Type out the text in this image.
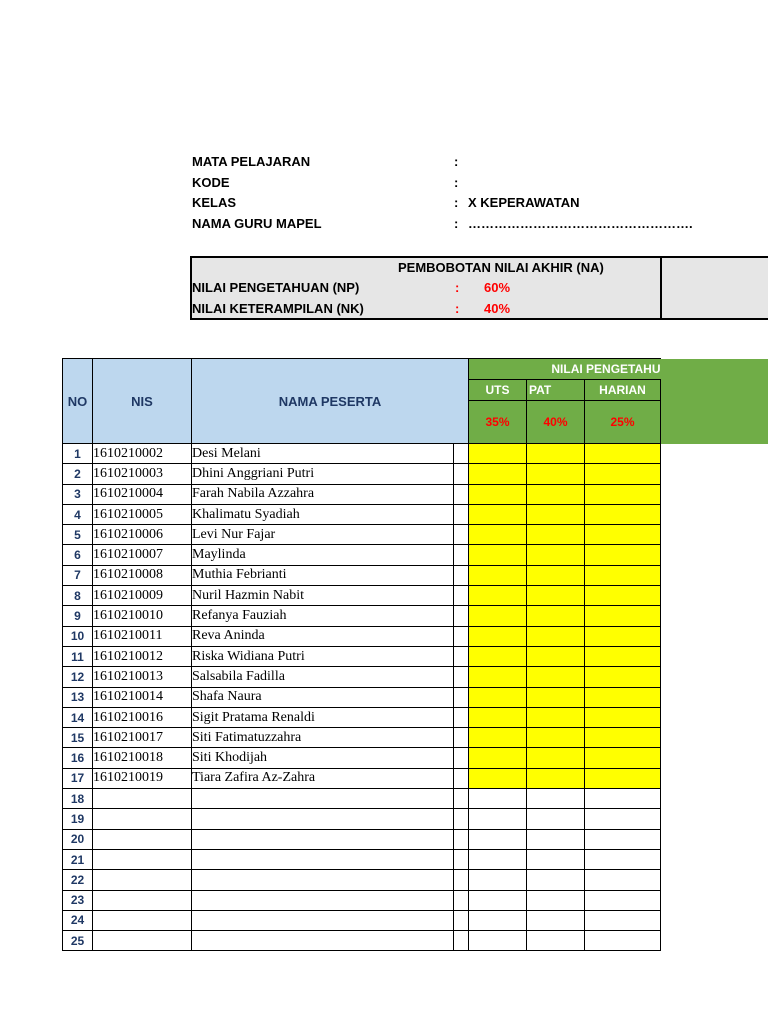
MATA PELAJARAN	:
KODE	:
KELAS	: X KEPERAWATAN
NAMA GURU MAPEL	: …………………………………………….
PEMBOBOTAN NILAI AKHIR (NA)
NILAI PENGETAHUAN (NP)	: 60%
NILAI KETERAMPILAN (NK)	: 40%
NO	NIS	NAMA PESERTA		NILAI PENGETAHU		
				UTS	PAT	HARIAN
				35%	40%	25%
1	1610210002	Desi Melani				
2	1610210003	Dhini Anggriani Putri				
3	1610210004	Farah Nabila Azzahra				
4	1610210005	Khalimatu Syadiah				
5	1610210006	Levi Nur Fajar				
6	1610210007	Maylinda				
7	1610210008	Muthia Febrianti				
8	1610210009	Nuril Hazmin Nabit				
9	1610210010	Refanya Fauziah				
10	1610210011	Reva Aninda				
11	1610210012	Riska Widiana Putri				
12	1610210013	Salsabila Fadilla				
13	1610210014	Shafa Naura				
14	1610210016	Sigit Pratama Renaldi				
15	1610210017	Siti Fatimatuzzahra				
16	1610210018	Siti Khodijah				
17	1610210019	Tiara Zafira Az-Zahra				
18						
19						
20						
21						
22						
23						
24						
25						
